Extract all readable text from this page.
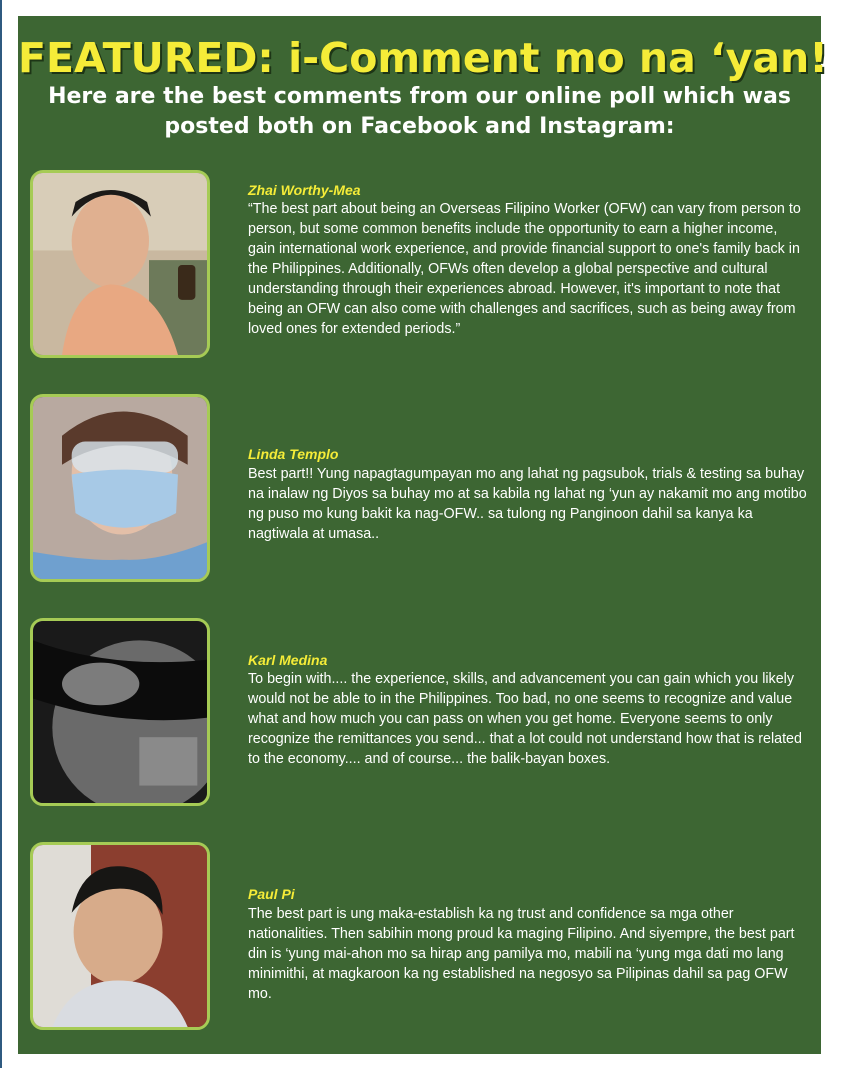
FEATURED: i-Comment mo na ‘yan!
Here are the best comments from our online poll which was posted both on Facebook and Instagram:
Zhai Worthy-Mea
“The best part about being an Overseas Filipino Worker (OFW) can vary from person to person, but some common benefits include the opportunity to earn a higher income, gain international work experience, and provide financial support to one's family back in the Philippines. Additionally, OFWs often develop a global perspective and cultural understanding through their experiences abroad. However, it's important to note that being an OFW can also come with challenges and sacrifices, such as being away from loved ones for extended periods.”
Linda Templo
Best part!! Yung napagtagumpayan mo ang lahat ng pagsubok, trials & testing sa buhay na inalaw ng Diyos sa buhay mo at sa kabila ng lahat ng ‘yun ay nakamit mo ang motibo ng puso mo kung bakit ka nag-OFW.. sa tulong ng Panginoon dahil sa kanya ka nagtiwala at umasa..
Karl Medina
To begin with.... the experience, skills, and advancement you can gain which you likely would not be able to in the Philippines. Too bad, no one seems to recognize and value what and how much you can pass on when you get home. Everyone seems to only recognize the remittances you send... that a lot could not understand how that is related to the economy.... and of course... the balik-bayan boxes.
Paul Pi
The best part is ung maka-establish ka ng trust and confidence sa mga other nationalities. Then sabihin mong proud ka maging Filipino. And siyempre, the best part din is ‘yung mai-ahon mo sa hirap ang pamilya mo, mabili na ‘yung mga dati mo lang minimithi, at magkaroon ka ng established na negosyo sa Pilipinas dahil sa pag OFW mo.
